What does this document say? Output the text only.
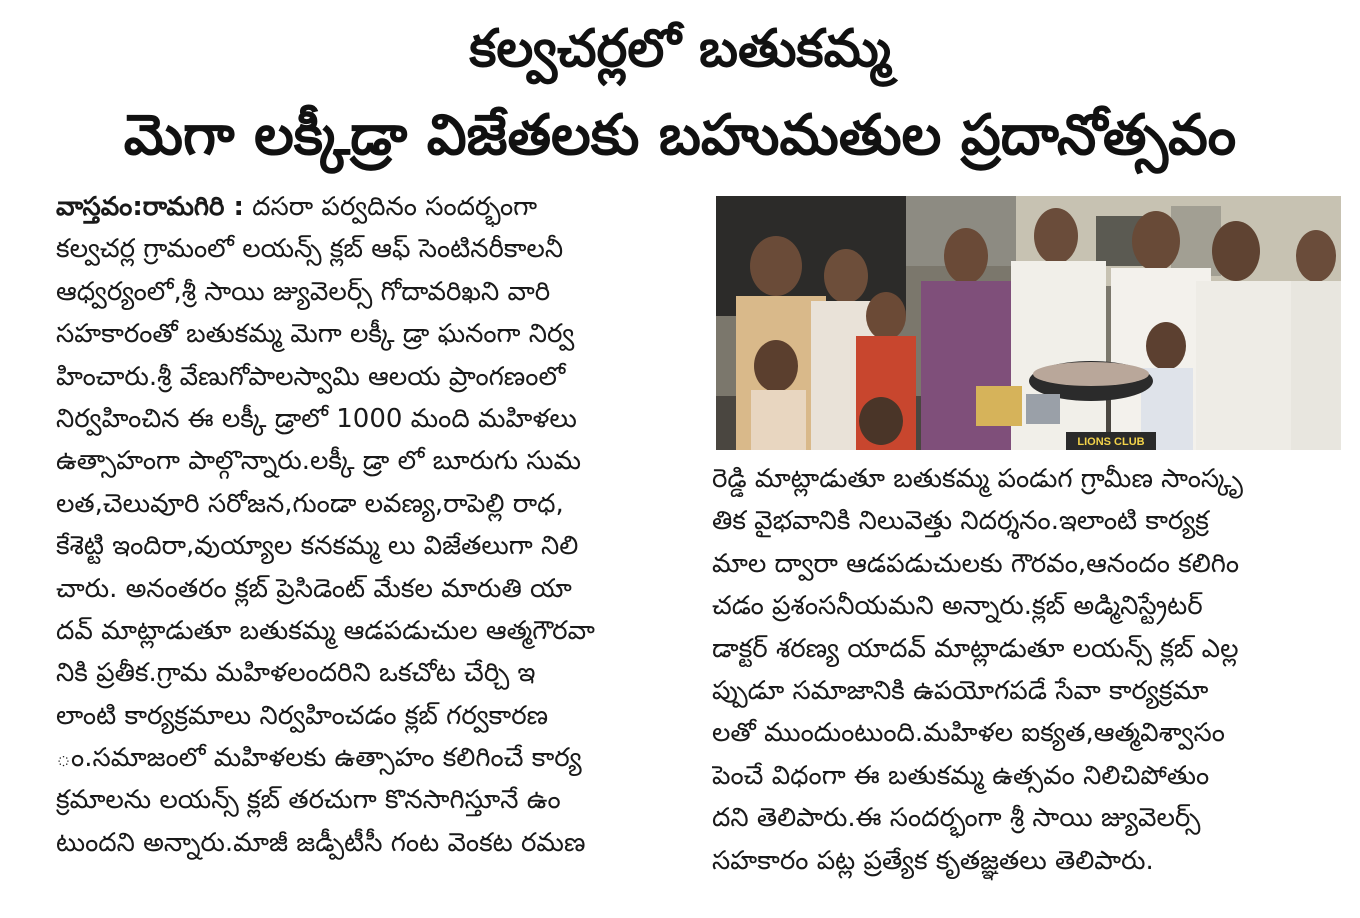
కల్వచర్లలో బతుకమ్మ
మెగా లక్కీడ్రా విజేతలకు బహుమతుల ప్రదానోత్సవం
వాస్తవం:రామగిరి : దసరా పర్వదినం సందర్భంగా
కల్వచర్ల గ్రామంలో లయన్స్ క్లబ్ ఆఫ్ సెంటినరీకాలనీ
ఆధ్వర్యంలో,శ్రీ సాయి జ్యువెలర్స్ గోదావరిఖని వారి
సహకారంతో బతుకమ్మ మెగా లక్కీ డ్రా ఘనంగా నిర్వ
హించారు.శ్రీ వేణుగోపాలస్వామి ఆలయ ప్రాంగణంలో
నిర్వహించిన ఈ లక్కీ డ్రాలో 1000 మంది మహిళలు
ఉత్సాహంగా పాల్గొన్నారు.లక్కీ డ్రా లో బూరుగు సుమ
లత,చెలువూరి సరోజన,గుండా లవణ్య,రాపెల్లి రాధ,
కేశెట్టి ఇందిరా,వుయ్యాల కనకమ్మ లు విజేతలుగా నిలి
చారు. అనంతరం క్లబ్ ప్రెసిడెంట్ మేకల మారుతి యా
దవ్ మాట్లాడుతూ బతుకమ్మ ఆడపడుచుల ఆత్మగౌరవా
నికి ప్రతీక.గ్రామ మహిళలందరిని ఒకచోట చేర్చి ఇ
లాంటి కార్యక్రమాలు నిర్వహించడం క్లబ్ గర్వకారణ
ం.సమాజంలో మహిళలకు ఉత్సాహం కలిగించే కార్య
క్రమాలను లయన్స్ క్లబ్ తరచుగా కొనసాగిస్తూనే ఉం
టుందని అన్నారు.మాజీ జడ్పీటీసీ గంట వెంకట రమణ
LIONS CLUB
రెడ్డి మాట్లాడుతూ బతుకమ్మ పండుగ గ్రామీణ సాంస్కృ
తిక వైభవానికి నిలువెత్తు నిదర్శనం.ఇలాంటి కార్యక్ర
మాల ద్వారా ఆడపడుచులకు గౌరవం,ఆనందం కలిగిం
చడం ప్రశంసనీయమని అన్నారు.క్లబ్ అడ్మినిస్ట్రేటర్
డాక్టర్ శరణ్య యాదవ్ మాట్లాడుతూ లయన్స్ క్లబ్ ఎల్ల
ప్పుడూ సమాజానికి ఉపయోగపడే సేవా కార్యక్రమా
లతో ముందుంటుంది.మహిళల ఐక్యత,ఆత్మవిశ్వాసం
పెంచే విధంగా ఈ బతుకమ్మ ఉత్సవం నిలిచిపోతుం
దని తెలిపారు.ఈ సందర్భంగా శ్రీ సాయి జ్యువెలర్స్
సహకారం పట్ల ప్రత్యేక కృతజ్ఞతలు తెలిపారు.
